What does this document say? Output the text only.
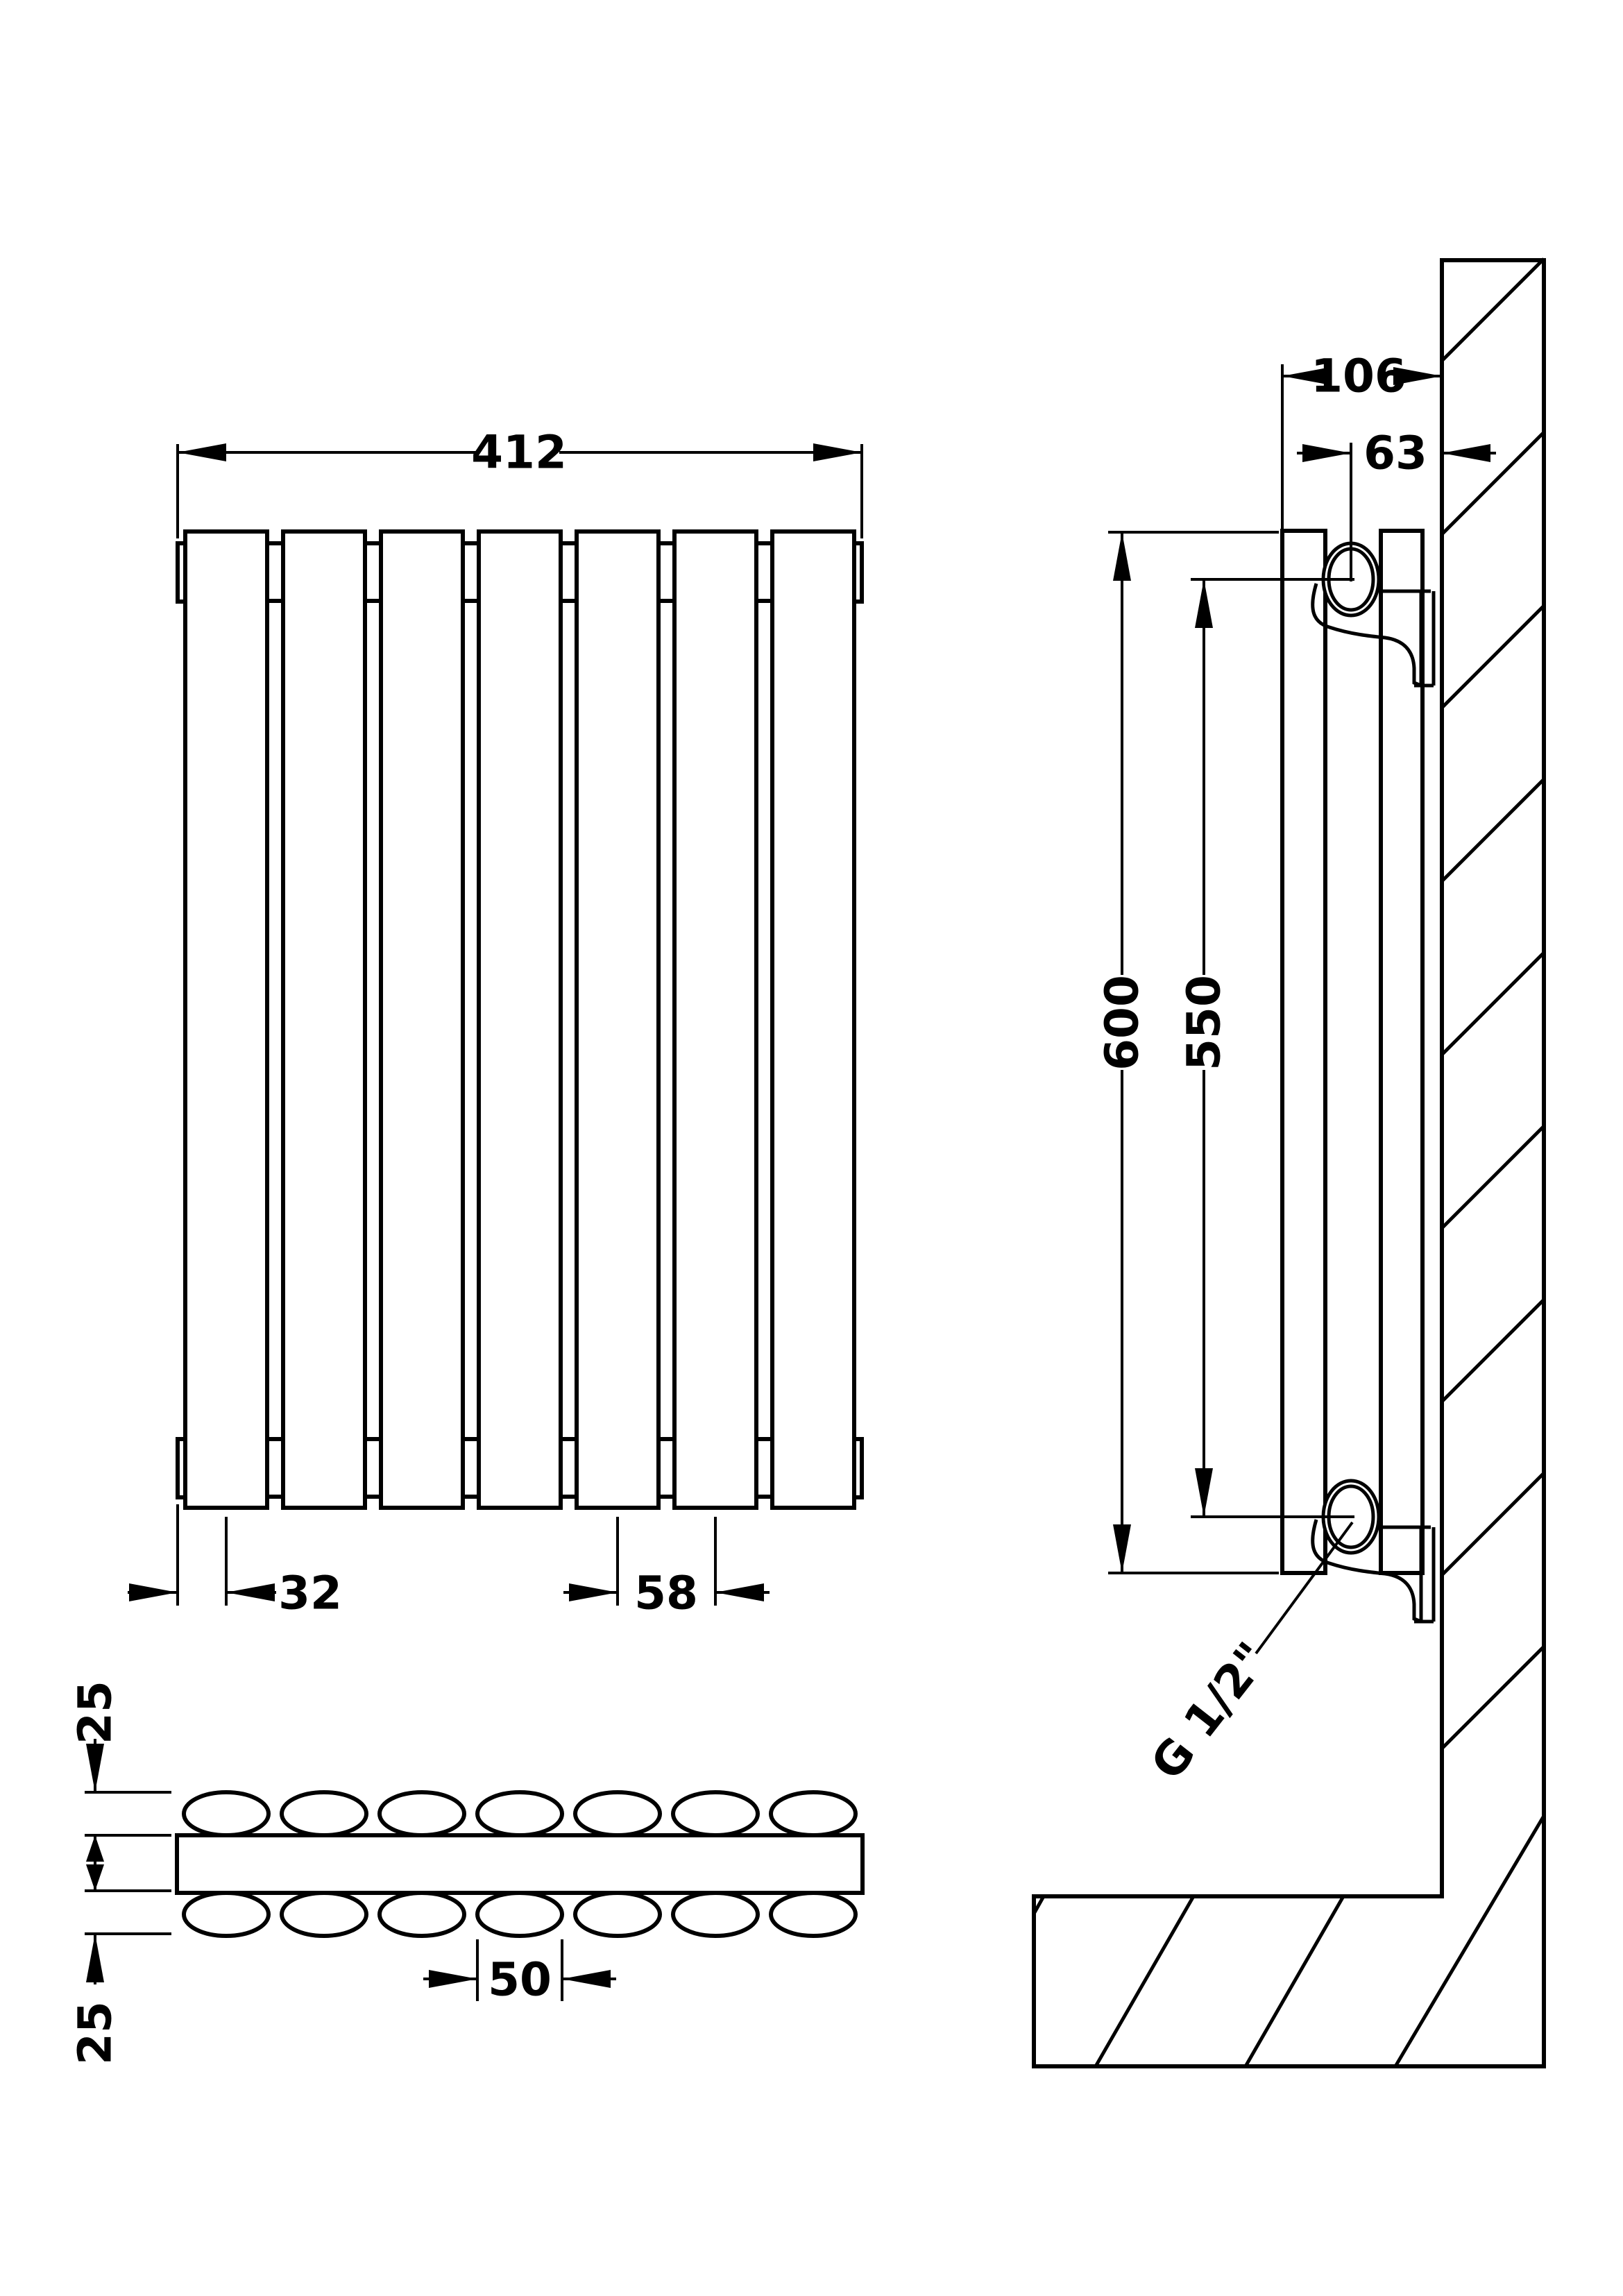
412
32	58
25
25
50
600 550
106
63
G 1/2"
